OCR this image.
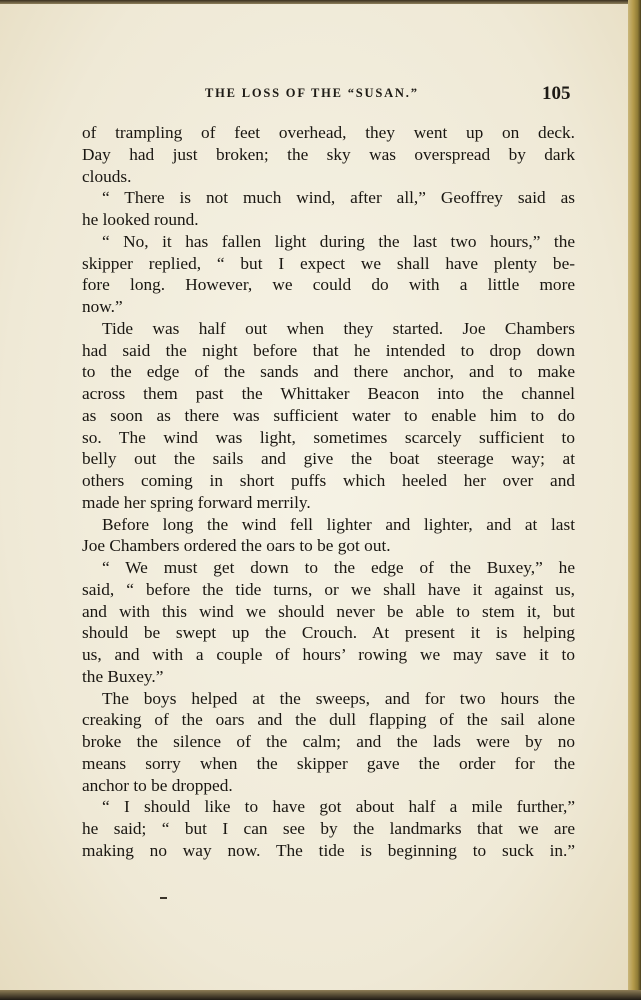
THE LOSS OF THE “SUSAN.”	105
of trampling of feet overhead, they went up on deck.
Day had just broken; the sky was overspread by dark
clouds.
“ There is not much wind, after all,” Geoffrey said as
he looked round.
“ No, it has fallen light during the last two hours,” the
skipper replied, “ but I expect we shall have plenty be-
fore long. However, we could do with a little more
now.”
Tide was half out when they started. Joe Chambers
had said the night before that he intended to drop down
to the edge of the sands and there anchor, and to make
across them past the Whittaker Beacon into the channel
as soon as there was sufficient water to enable him to do
so. The wind was light, sometimes scarcely sufficient to
belly out the sails and give the boat steerage way; at
others coming in short puffs which heeled her over and
made her spring forward merrily.
Before long the wind fell lighter and lighter, and at last
Joe Chambers ordered the oars to be got out.
“ We must get down to the edge of the Buxey,” he
said, “ before the tide turns, or we shall have it against us,
and with this wind we should never be able to stem it, but
should be swept up the Crouch. At present it is helping
us, and with a couple of hours’ rowing we may save it to
the Buxey.”
The boys helped at the sweeps, and for two hours the
creaking of the oars and the dull flapping of the sail alone
broke the silence of the calm; and the lads were by no
means sorry when the skipper gave the order for the
anchor to be dropped.
“ I should like to have got about half a mile further,”
he said; “ but I can see by the landmarks that we are
making no way now. The tide is beginning to suck in.”
